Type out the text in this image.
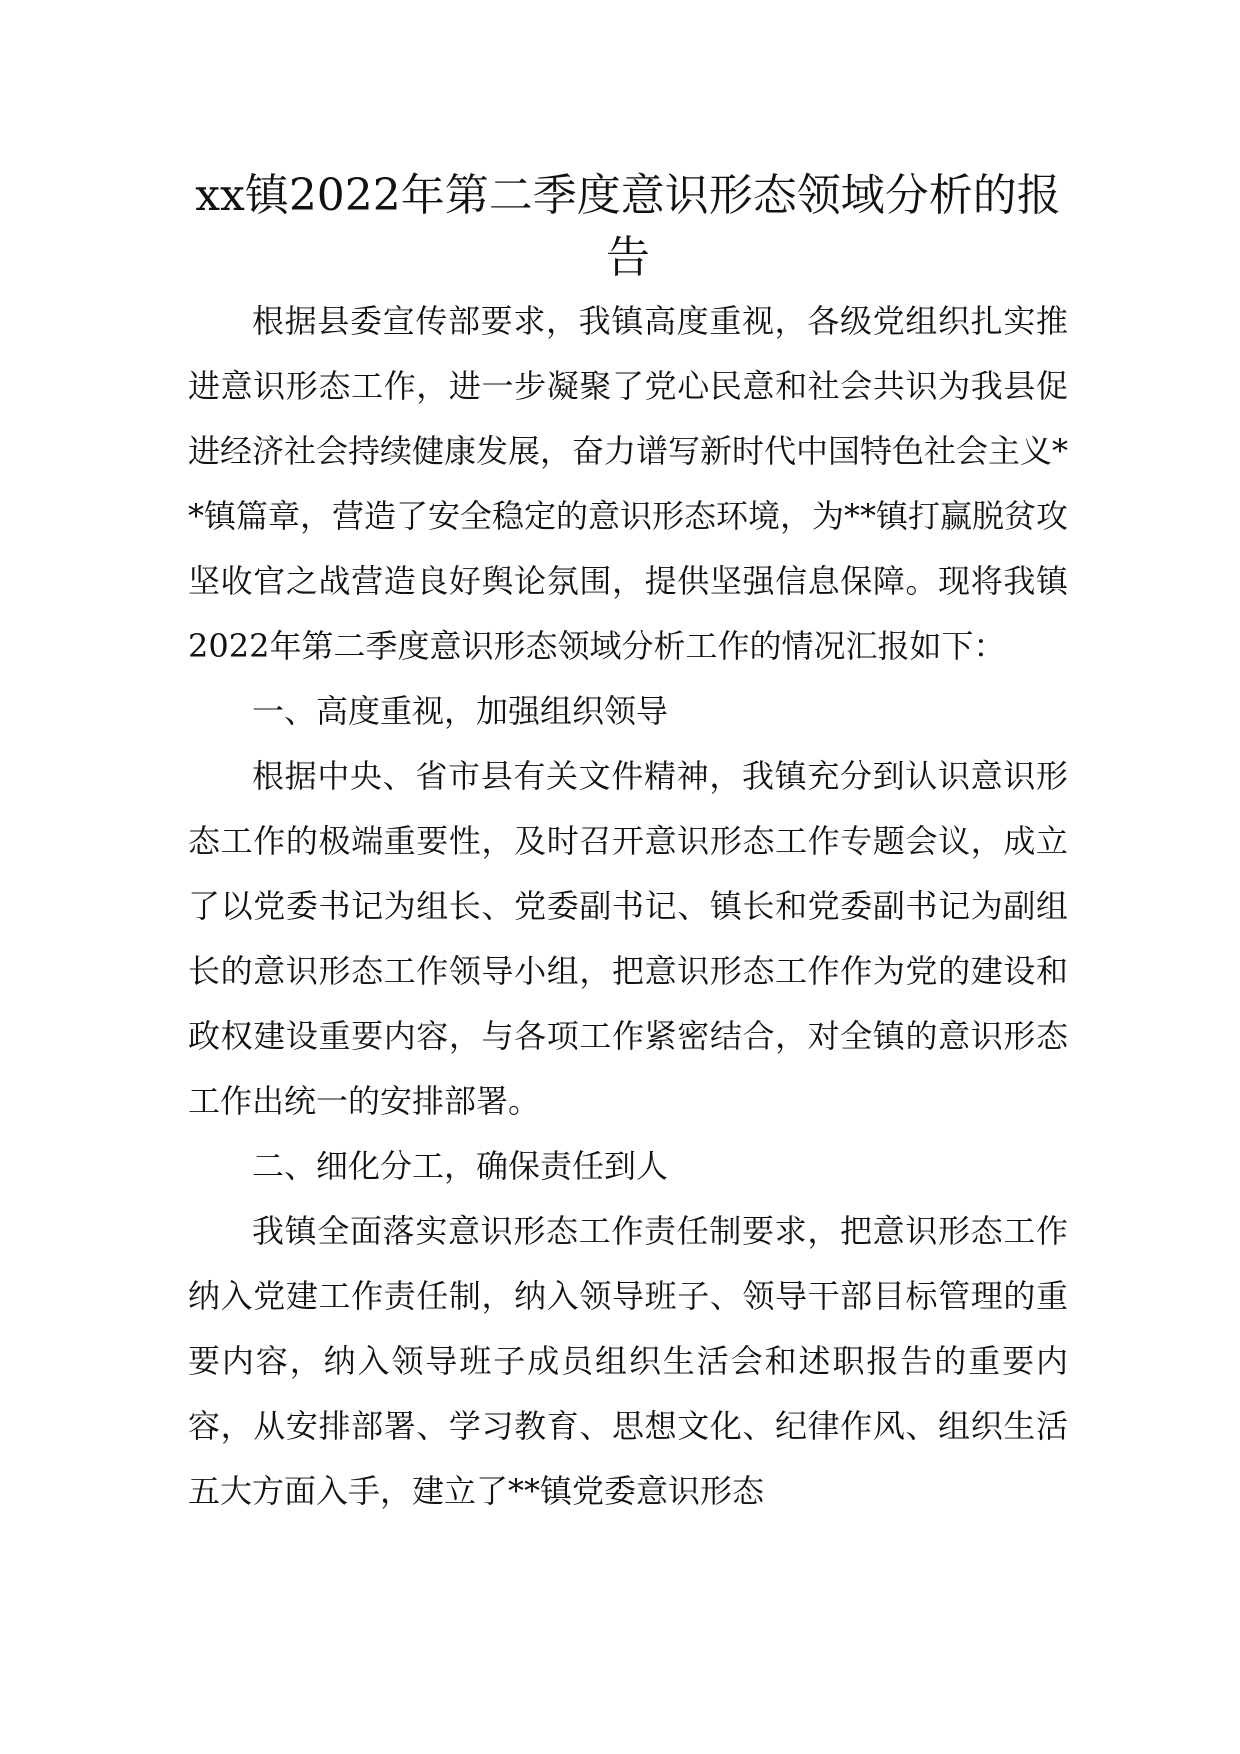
xx镇2022年第二季度意识形态领域分析的报告

根据县委宣传部要求，我镇高度重视，各级党组织扎实推进意识形态工作，进一步凝聚了党心民意和社会共识为我县促进经济社会持续健康发展，奋力谱写新时代中国特色社会主义**镇篇章，营造了安全稳定的意识形态环境，为**镇打赢脱贫攻坚收官之战营造良好舆论氛围，提供坚强信息保障。现将我镇2022年第二季度意识形态领域分析工作的情况汇报如下：

一、高度重视，加强组织领导

根据中央、省市县有关文件精神，我镇充分到认识意识形态工作的极端重要性，及时召开意识形态工作专题会议，成立了以党委书记为组长、党委副书记、镇长和党委副书记为副组长的意识形态工作领导小组，把意识形态工作作为党的建设和政权建设重要内容，与各项工作紧密结合，对全镇的意识形态工作出统一的安排部署。

二、细化分工，确保责任到人

我镇全面落实意识形态工作责任制要求，把意识形态工作纳入党建工作责任制，纳入领导班子、领导干部目标管理的重要内容，纳入领导班子成员组织生活会和述职报告的重要内容，从安排部署、学习教育、思想文化、纪律作风、组织生活五大方面入手，建立了**镇党委意识形态
